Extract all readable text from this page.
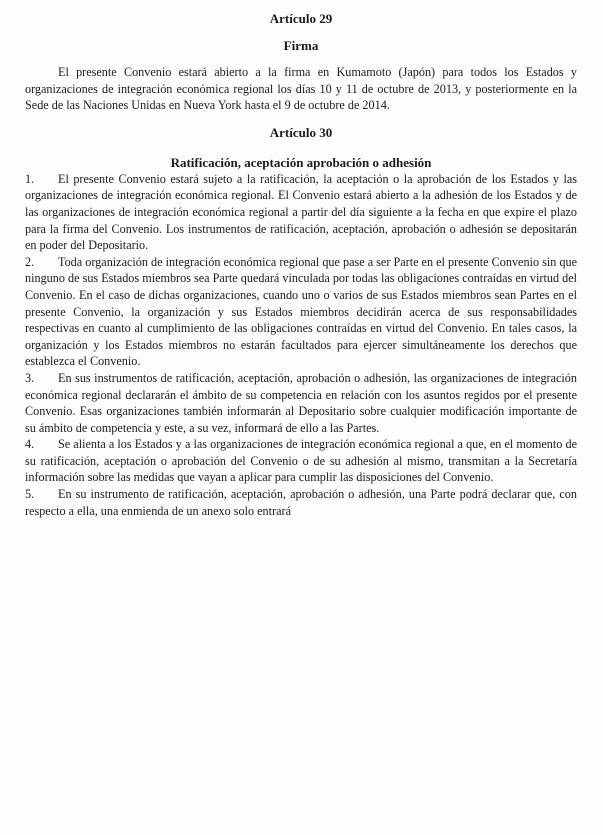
Artículo 29
Firma

El presente Convenio estará abierto a la firma en Kumamoto (Japón) para todos los Estados y organizaciones de integración económica regional los días 10 y 11 de octubre de 2013, y posteriormente en la Sede de las Naciones Unidas en Nueva York hasta el 9 de octubre de 2014.

Artículo 30
Ratificación, aceptación aprobación o adhesión

1. El presente Convenio estará sujeto a la ratificación, la aceptación o la aprobación de los Estados y las organizaciones de integración económica regional. El Convenio estará abierto a la adhesión de los Estados y de las organizaciones de integración económica regional a partir del día siguiente a la fecha en que expire el plazo para la firma del Convenio. Los instrumentos de ratificación, aceptación, aprobación o adhesión se depositarán en poder del Depositario.

2. Toda organización de integración económica regional que pase a ser Parte en el presente Convenio sin que ninguno de sus Estados miembros sea Parte quedará vinculada por todas las obligaciones contraídas en virtud del Convenio. En el caso de dichas organizaciones, cuando uno o varios de sus Estados miembros sean Partes en el presente Convenio, la organización y sus Estados miembros decidirán acerca de sus responsabilidades respectivas en cuanto al cumplimiento de las obligaciones contraídas en virtud del Convenio. En tales casos, la organización y los Estados miembros no estarán facultados para ejercer simultáneamente los derechos que establezca el Convenio.

3. En sus instrumentos de ratificación, aceptación, aprobación o adhesión, las organizaciones de integración económica regional declararán el ámbito de su competencia en relación con los asuntos regidos por el presente Convenio. Esas organizaciones también informarán al Depositario sobre cualquier modificación importante de su ámbito de competencia y este, a su vez, informará de ello a las Partes.

4. Se alienta a los Estados y a las organizaciones de integración económica regional a que, en el momento de su ratificación, aceptación o aprobación del Convenio o de su adhesión al mismo, transmitan a la Secretaría información sobre las medidas que vayan a aplicar para cumplir las disposiciones del Convenio.

5. En su instrumento de ratificación, aceptación, aprobación o adhesión, una Parte podrá declarar que, con respecto a ella, una enmienda de un anexo solo entrará
